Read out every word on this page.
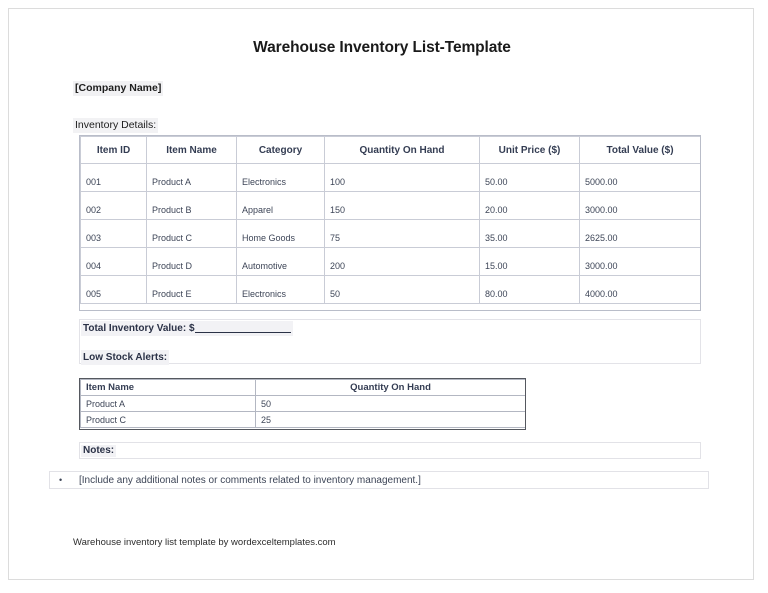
Warehouse Inventory List-Template
[Company Name]
Inventory Details:
Item ID	Item Name	Category	Quantity On Hand	Unit Price ($)	Total Value ($)
001	Product A	Electronics	100	50.00	5000.00
002	Product B	Apparel	150	20.00	3000.00
003	Product C	Home Goods	75	35.00	2625.00
004	Product D	Automotive	200	15.00	3000.00
005	Product E	Electronics	50	80.00	4000.00
Total Inventory Value: $
Low Stock Alerts:
Item Name	Quantity On Hand
Product A	50
Product C	25
Notes:
• [Include any additional notes or comments related to inventory management.]
Warehouse inventory list template by wordexceltemplates.com
